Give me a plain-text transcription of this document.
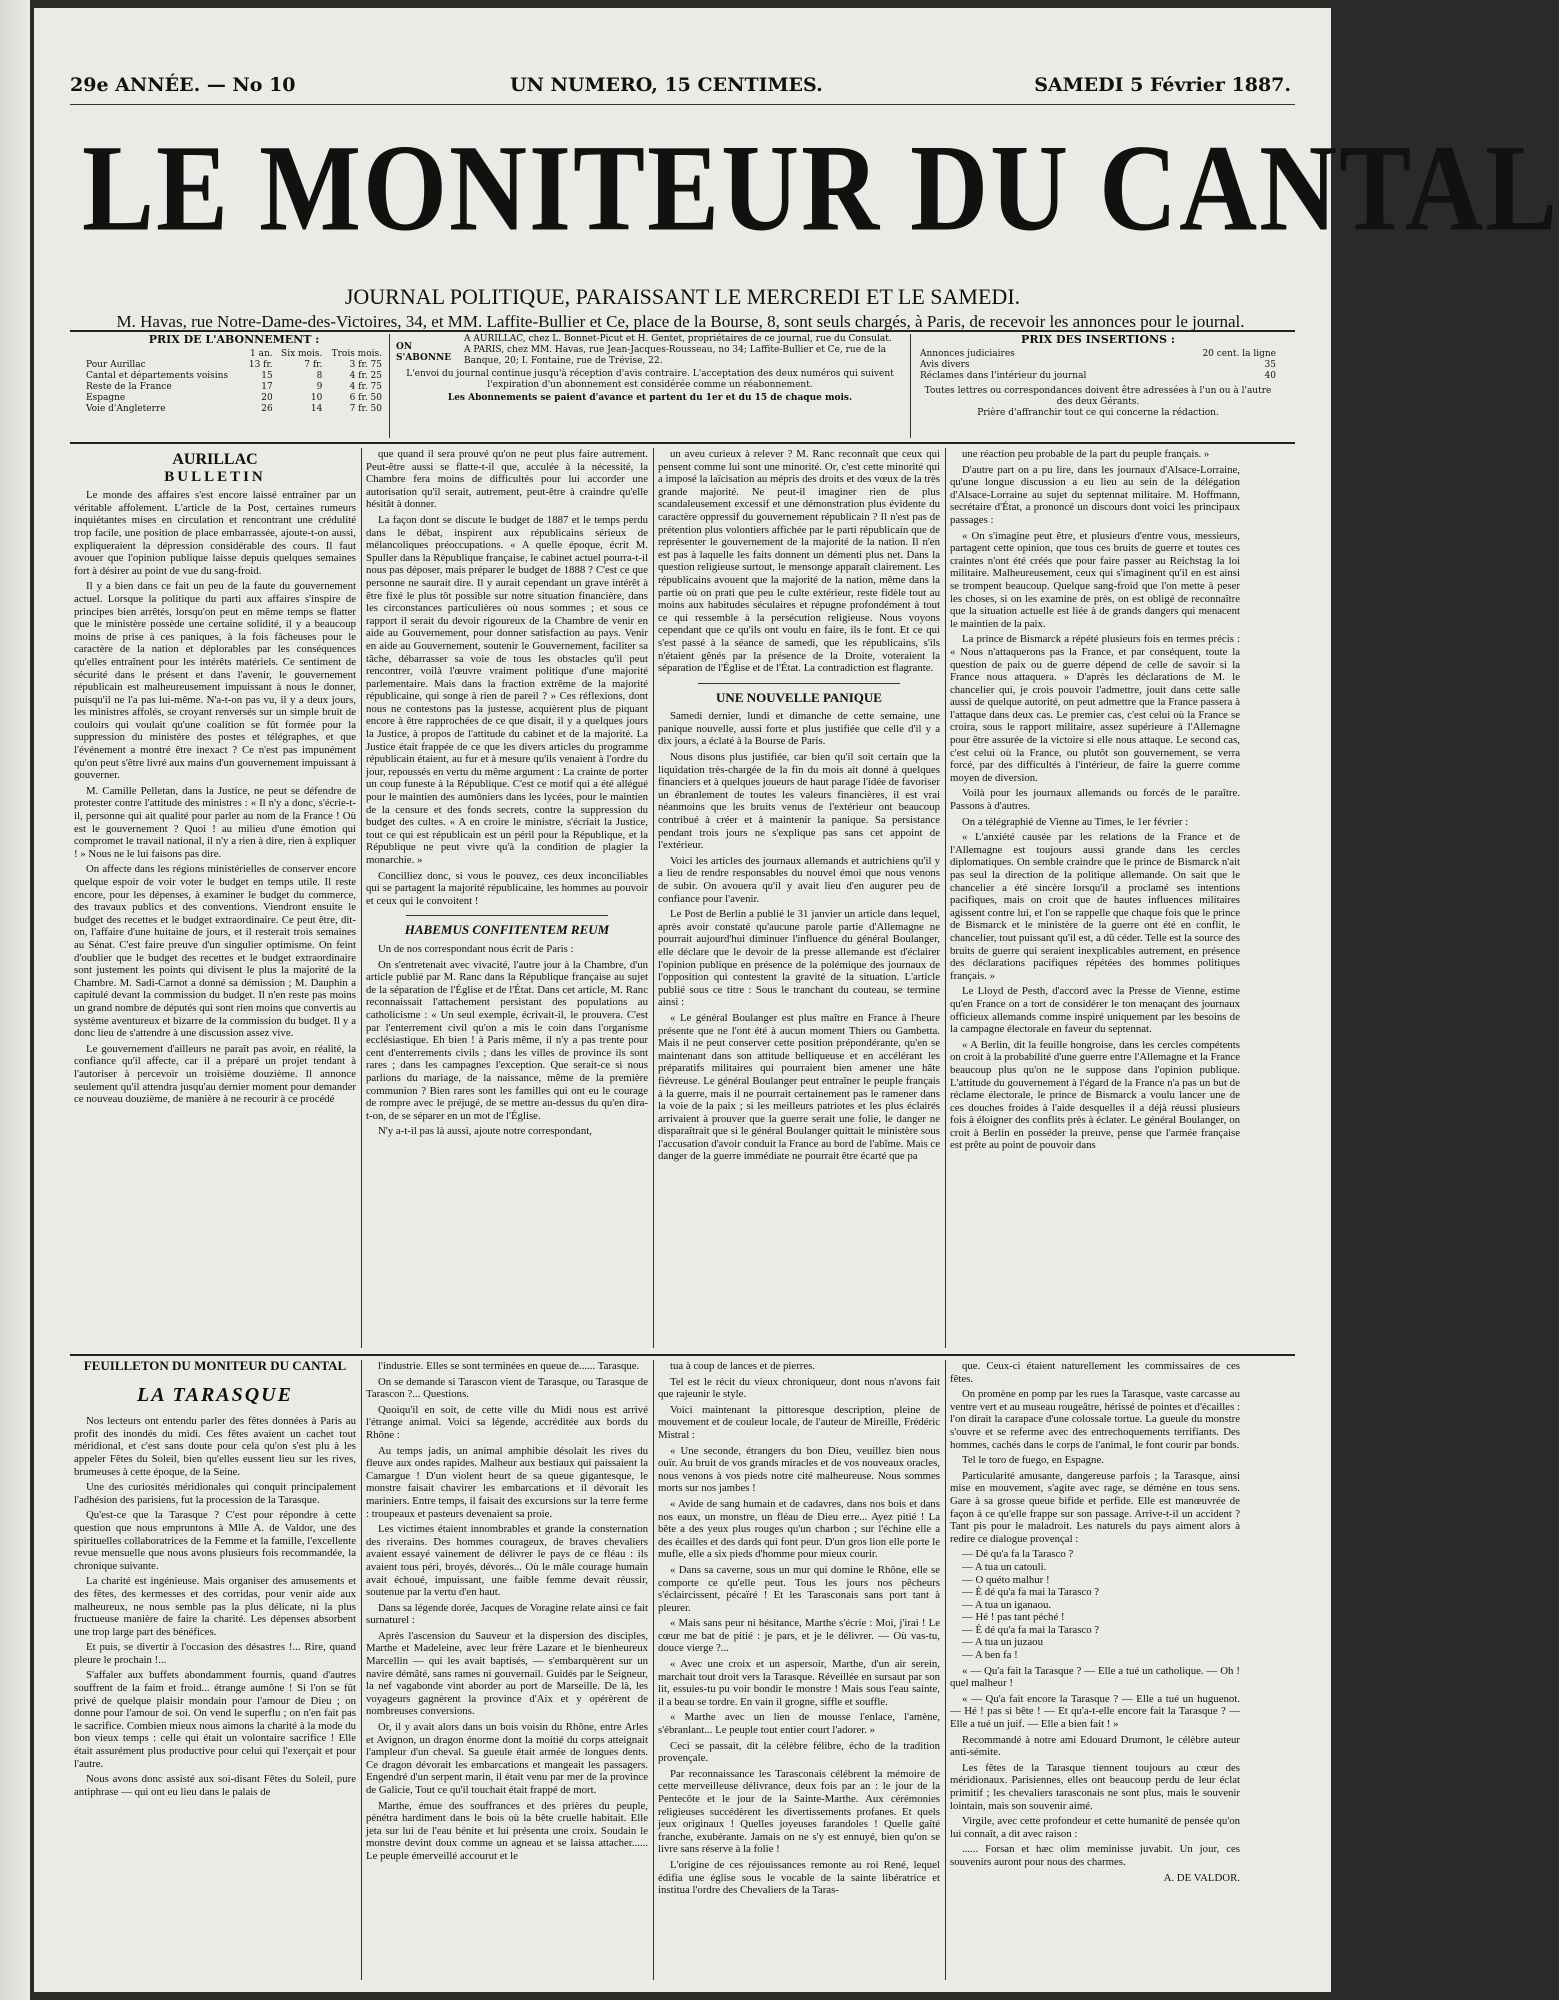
29e ANNÉE. — No 10	UN NUMERO, 15 CENTIMES.	SAMEDI 5 Février 1887.
LE MONITEUR DU CANTAL
JOURNAL POLITIQUE, PARAISSANT LE MERCREDI ET LE SAMEDI.
M. Havas, rue Notre-Dame-des-Victoires, 34, et MM. Laffite-Bullier et Ce, place de la Bourse, 8, sont seuls chargés, à Paris, de recevoir les annonces pour le journal.
PRIX DE L'ABONNEMENT :
	1 an.	Six mois.	Trois mois.
Pour Aurillac	13 fr.	7 fr.	3 fr. 75
Cantal et départements voisins	15	8	4 fr. 25
Reste de la France	17	9	4 fr. 75
Espagne	20	10	6 fr. 50
Voie d'Angleterre	26	14	7 fr. 50
ON S'ABONNE
A AURILLAC, chez L. Bonnet-Picut et H. Gentet, propriétaires de ce journal, rue du Consulat.
A PARIS, chez MM. Havas, rue Jean-Jacques-Rousseau, no 34; Laffite-Bullier et Ce, rue de la Banque, 20; I. Fontaine, rue de Trévise, 22.
L'envoi du journal continue jusqu'à réception d'avis contraire. L'acceptation des deux numéros qui suivent l'expiration d'un abonnement est considérée comme un réabonnement.
Les Abonnements se paient d'avance et partent du 1er et du 15 de chaque mois.
PRIX DES INSERTIONS :
Annonces judiciaires	20 cent. la ligne
Avis divers	35
Réclames dans l'intérieur du journal	40
Toutes lettres ou correspondances doivent être adressées à l'un ou à l'autre des deux Gérants.
Prière d'affranchir tout ce qui concerne la rédaction.
AURILLAC
BULLETIN

Le monde des affaires s'est encore laissé entraîner par un véritable affolement. L'article de la Post, certaines rumeurs inquiétantes mises en circulation et rencontrant une crédulité trop facile, une position de place embarrassée, ajoute-t-on aussi, expliqueraient la dépression considérable des cours. Il faut avouer que l'opinion publique laisse depuis quelques semaines fort à désirer au point de vue du sang-froid.

Il y a bien dans ce fait un peu de la faute du gouvernement actuel. Lorsque la politique du parti aux affaires s'inspire de principes bien arrêtés, lorsqu'on peut en même temps se flatter que le ministère possède une certaine solidité, il y a beaucoup moins de prise à ces paniques, à la fois fâcheuses pour le caractère de la nation et déplorables par les conséquences qu'elles entraînent pour les intérêts matériels. Ce sentiment de sécurité dans le présent et dans l'avenir, le gouvernement républicain est malheureusement impuissant à nous le donner, puisqu'il ne l'a pas lui-même. N'a-t-on pas vu, il y a deux jours, les ministres affolés, se croyant renversés sur un simple bruit de couloirs qui voulait qu'une coalition se fût formée pour la suppression du ministère des postes et télégraphes, et que l'événement a montré être inexact ? Ce n'est pas impunément qu'on peut s'être livré aux mains d'un gouvernement impuissant à gouverner.

M. Camille Pelletan, dans la Justice, ne peut se défendre de protester contre l'attitude des ministres : « Il n'y a donc, s'écrie-t-il, personne qui ait qualité pour parler au nom de la France ! Où est le gouvernement ? Quoi ! au milieu d'une émotion qui compromet le travail national, il n'y a rien à dire, rien à expliquer ! » Nous ne le lui faisons pas dire.

On affecte dans les régions ministérielles de conserver encore quelque espoir de voir voter le budget en temps utile. Il reste encore, pour les dépenses, à examiner le budget du commerce, des travaux publics et des conventions. Viendront ensuite le budget des recettes et le budget extraordinaire. Ce peut être, dit-on, l'affaire d'une huitaine de jours, et il resterait trois semaines au Sénat. C'est faire preuve d'un singulier optimisme. On feint d'oublier que le budget des recettes et le budget extraordinaire sont justement les points qui divisent le plus la majorité de la Chambre. M. Sadi-Carnot a donné sa démission ; M. Dauphin a capitulé devant la commission du budget. Il n'en reste pas moins un grand nombre de députés qui sont rien moins que convertis au système aventureux et bizarre de la commission du budget. Il y a donc lieu de s'attendre à une discussion assez vive.

Le gouvernement d'ailleurs ne paraît pas avoir, en réalité, la confiance qu'il affecte, car il a préparé un projet tendant à l'autoriser à percevoir un troisième douzième. Il annonce seulement qu'il attendra jusqu'au dernier moment pour demander ce nouveau douzième, de manière à ne recourir à ce procédé

que quand il sera prouvé qu'on ne peut plus faire autrement. Peut-être aussi se flatte-t-il que, acculée à la nécessité, la Chambre fera moins de difficultés pour lui accorder une autorisation qu'il serait, autrement, peut-être à craindre qu'elle hésitât à donner.

La façon dont se discute le budget de 1887 et le temps perdu dans le débat, inspirent aux républicains sérieux de mélancoliques préoccupations. « A quelle époque, écrit M. Spuller dans la République française, le cabinet actuel pourra-t-il nous pas déposer, mais préparer le budget de 1888 ? C'est ce que personne ne saurait dire. Il y aurait cependant un grave intérêt à être fixé le plus tôt possible sur notre situation financière, dans les circonstances particulières où nous sommes ; et sous ce rapport il serait du devoir rigoureux de la Chambre de venir en aide au Gouvernement, pour donner satisfaction au pays. Venir en aide au Gouvernement, soutenir le Gouvernement, faciliter sa tâche, débarrasser sa voie de tous les obstacles qu'il peut rencontrer, voilà l'œuvre vraiment politique d'une majorité parlementaire. Mais dans la fraction extrême de la majorité républicaine, qui songe à rien de pareil ? » Ces réflexions, dont nous ne contestons pas la justesse, acquièrent plus de piquant encore à être rapprochées de ce que disait, il y a quelques jours la Justice, à propos de l'attitude du cabinet et de la majorité. La Justice était frappée de ce que les divers articles du programme républicain étaient, au fur et à mesure qu'ils venaient à l'ordre du jour, repoussés en vertu du même argument : La crainte de porter un coup funeste à la République. C'est ce motif qui a été allégué pour le maintien des aumôniers dans les lycées, pour le maintien de la censure et des fonds secrets, contre la suppression du budget des cultes. « A en croire le ministre, s'écriait la Justice, tout ce qui est républicain est un péril pour la République, et la République ne peut vivre qu'à la condition de plagier la monarchie. »

Concilliez donc, si vous le pouvez, ces deux inconciliables qui se partagent la majorité républicaine, les hommes au pouvoir et ceux qui le convoitent !

HABEMUS CONFITENTEM REUM

Un de nos correspondant nous écrit de Paris :

On s'entretenait avec vivacité, l'autre jour à la Chambre, d'un article publié par M. Ranc dans la République française au sujet de la séparation de l'Église et de l'État. Dans cet article, M. Ranc reconnaissait l'attachement persistant des populations au catholicisme : « Un seul exemple, écrivait-il, le prouvera. C'est par l'enterrement civil qu'on a mis le coin dans l'organisme ecclésiastique. Eh bien ! à Paris même, il n'y a pas trente pour cent d'enterrements civils ; dans les villes de province ils sont rares ; dans les campagnes l'exception. Que serait-ce si nous parlions du mariage, de la naissance, même de la première communion ? Bien rares sont les familles qui ont eu le courage de rompre avec le préjugé, de se mettre au-dessus du qu'en dira-t-on, de se séparer en un mot de l'Église.

N'y a-t-il pas là aussi, ajoute notre correspondant,

un aveu curieux à relever ? M. Ranc reconnaît que ceux qui pensent comme lui sont une minorité. Or, c'est cette minorité qui a imposé la laïcisation au mépris des droits et des vœux de la très grande majorité. Ne peut-il imaginer rien de plus scandaleusement excessif et une démonstration plus évidente du caractère oppressif du gouvernement républicain ? Il n'est pas de prétention plus volontiers affichée par le parti républicain que de représenter le gouvernement de la majorité de la nation. Il n'en est pas à laquelle les faits donnent un démenti plus net. Dans la question religieuse surtout, le mensonge apparaît clairement. Les républicains avouent que la majorité de la nation, même dans la partie où on prati que peu le culte extérieur, reste fidèle tout au moins aux habitudes séculaires et répugne profondément à tout ce qui ressemble à la persécution religieuse. Nous voyons cependant que ce qu'ils ont voulu en faire, ils le font. Et ce qui s'est passé à la séance de samedi, que les républicains, s'ils n'étaient gênés par la présence de la Droite, voteraient la séparation de l'Église et de l'État. La contradiction est flagrante.

UNE NOUVELLE PANIQUE

Samedi dernier, lundi et dimanche de cette semaine, une panique nouvelle, aussi forte et plus justifiée que celle d'il y a dix jours, a éclaté à la Bourse de Paris.

Nous disons plus justifiée, car bien qu'il soit certain que la liquidation très-chargée de la fin du mois ait donné à quelques financiers et à quelques joueurs de haut parage l'idée de favoriser un ébranlement de toutes les valeurs financières, il est vrai néanmoins que les bruits venus de l'extérieur ont beaucoup contribué à créer et à maintenir la panique. Sa persistance pendant trois jours ne s'explique pas sans cet appoint de l'extérieur.

Voici les articles des journaux allemands et autrichiens qu'il y a lieu de rendre responsables du nouvel émoi que nous venons de subir. On avouera qu'il y avait lieu d'en augurer peu de confiance pour l'avenir.

Le Post de Berlin a publié le 31 janvier un article dans lequel, après avoir constaté qu'aucune parole partie d'Allemagne ne pourrait aujourd'hui diminuer l'influence du général Boulanger, elle déclare que le devoir de la presse allemande est d'éclairer l'opinion publique en présence de la polémique des journaux de l'opposition qui contestent la gravité de la situation. L'article publié sous ce titre : Sous le tranchant du couteau, se termine ainsi :

« Le général Boulanger est plus maître en France à l'heure présente que ne l'ont été à aucun moment Thiers ou Gambetta. Mais il ne peut conserver cette position prépondérante, qu'en se maintenant dans son attitude belliqueuse et en accélérant les préparatifs militaires qui pourraient bien amener une hâte fiévreuse. Le général Boulanger peut entraîner le peuple français à la guerre, mais il ne pourrait certainement pas le ramener dans la voie de la paix ; si les meilleurs patriotes et les plus éclairés arrivaient à prouver que la guerre serait une folie, le danger ne disparaîtrait que si le général Boulanger quittait le ministère sous l'accusation d'avoir conduit la France au bord de l'abîme. Mais ce danger de la guerre immédiate ne pourrait être écarté que pa

une réaction peu probable de la part du peuple français. »

D'autre part on a pu lire, dans les journaux d'Alsace-Lorraine, qu'une longue discussion a eu lieu au sein de la délégation d'Alsace-Lorraine au sujet du septennat militaire. M. Hoffmann, secrétaire d'État, a prononcé un discours dont voici les principaux passages :

« On s'imagine peut être, et plusieurs d'entre vous, messieurs, partagent cette opinion, que tous ces bruits de guerre et toutes ces craintes n'ont été créés que pour faire passer au Reichstag la loi militaire. Malheureusement, ceux qui s'imaginent qu'il en est ainsi se trompent beaucoup. Quelque sang-froid que l'on mette à peser les choses, si on les examine de près, on est obligé de reconnaître que la situation actuelle est liée à de grands dangers qui menacent le maintien de la paix.

La prince de Bismarck a répété plusieurs fois en termes précis : « Nous n'attaquerons pas la France, et par conséquent, toute la question de paix ou de guerre dépend de celle de savoir si la France nous attaquera. » D'après les déclarations de M. le chancelier qui, je crois pouvoir l'admettre, jouit dans cette salle aussi de quelque autorité, on peut admettre que la France passera à l'attaque dans deux cas. Le premier cas, c'est celui où la France se croira, sous le rapport militaire, assez supérieure à l'Allemagne pour être assurée de la victoire si elle nous attaque. Le second cas, c'est celui où la France, ou plutôt son gouvernement, se verra forcé, par des difficultés à l'intérieur, de faire la guerre comme moyen de diversion.

Voilà pour les journaux allemands ou forcés de le paraître. Passons à d'autres.

On a télégraphié de Vienne au Times, le 1er février :

« L'anxiété causée par les relations de la France et de l'Allemagne est toujours aussi grande dans les cercles diplomatiques. On semble craindre que le prince de Bismarck n'ait pas seul la direction de la politique allemande. On sait que le chancelier a été sincère lorsqu'il a proclamé ses intentions pacifiques, mais on croit que de hautes influences militaires agissent contre lui, et l'on se rappelle que chaque fois que le prince de Bismarck et le ministère de la guerre ont été en conflit, le chancelier, tout puissant qu'il est, a dû céder. Telle est la source des bruits de guerre qui seraient inexplicables autrement, en présence des déclarations pacifiques répétées des hommes politiques français. »

Le Lloyd de Pesth, d'accord avec la Presse de Vienne, estime qu'en France on a tort de considérer le ton menaçant des journaux officieux allemands comme inspiré uniquement par les besoins de la campagne électorale en faveur du septennat.

« A Berlin, dit la feuille hongroise, dans les cercles compétents on croit à la probabilité d'une guerre entre l'Allemagne et la France beaucoup plus qu'on ne le suppose dans l'opinion publique. L'attitude du gouvernement à l'égard de la France n'a pas un but de réclame électorale, le prince de Bismarck a voulu lancer une de ces douches froides à l'aide desquelles il a déjà réussi plusieurs fois à éloigner des conflits près à éclater. Le général Boulanger, on croit à Berlin en posséder la preuve, pense que l'armée française est prête au point de pouvoir dans

FEUILLETON DU MONITEUR DU CANTAL
LA TARASQUE

Nos lecteurs ont entendu parler des fêtes données à Paris au profit des inondés du midi. Ces fêtes avaient un cachet tout méridional, et c'est sans doute pour cela qu'on s'est plu à les appeler Fêtes du Soleil, bien qu'elles eussent lieu sur les rives, brumeuses à cette époque, de la Seine.

Une des curiosités méridionales qui conquit principalement l'adhésion des parisiens, fut la procession de la Tarasque.

Qu'est-ce que la Tarasque ? C'est pour répondre à cette question que nous empruntons à Mlle A. de Valdor, une des spirituelles collaboratrices de la Femme et la famille, l'excellente revue mensuelle que nous avons plusieurs fois recommandée, la chronique suivante.

La charité est ingénieuse. Mais organiser des amusements et des fêtes, des kermesses et des corridas, pour venir aide aux malheureux, ne nous semble pas la plus délicate, ni la plus fructueuse manière de faire la charité. Les dépenses absorbent une trop large part des bénéfices.

Et puis, se divertir à l'occasion des désastres !... Rire, quand pleure le prochain !...

S'affaler aux buffets abondamment fournis, quand d'autres souffrent de la faim et froid... étrange aumône ! Si l'on se fût privé de quelque plaisir mondain pour l'amour de Dieu ; on donne pour l'amour de soi. On vend le superflu ; on n'en fait pas le sacrifice. Combien mieux nous aimons la charité à la mode du bon vieux temps : celle qui était un volontaire sacrifice ! Elle était assurément plus productive pour celui qui l'exerçait et pour l'autre.

Nous avons donc assisté aux soi-disant Fêtes du Soleil, pure antiphrase — qui ont eu lieu dans le palais de

l'industrie. Elles se sont terminées en queue de...... Tarasque.

On se demande si Tarascon vient de Tarasque, ou Tarasque de Tarascon ?... Questions.

Quoiqu'il en soit, de cette ville du Midi nous est arrivé l'étrange animal. Voici sa légende, accréditée aux bords du Rhône :

Au temps jadis, un animal amphibie désolait les rives du fleuve aux ondes rapides. Malheur aux bestiaux qui paissaient la Camargue ! D'un violent heurt de sa queue gigantesque, le monstre faisait chavirer les embarcations et il dévorait les mariniers. Entre temps, il faisait des excursions sur la terre ferme : troupeaux et pasteurs devenaient sa proie.

Les victimes étaient innombrables et grande la consternation des riverains. Des hommes courageux, de braves chevaliers avaient essayé vainement de délivrer le pays de ce fléau : ils avaient tous péri, broyés, dévorés... Où le mâle courage humain avait échoué, impuissant, une faible femme devait réussir, soutenue par la vertu d'en haut.

Dans sa légende dorée, Jacques de Voragine relate ainsi ce fait surnaturel :

Après l'ascension du Sauveur et la dispersion des disciples, Marthe et Madeleine, avec leur frère Lazare et le bienheureux Marcellin — qui les avait baptisés, — s'embarquèrent sur un navire démâté, sans rames ni gouvernail. Guidés par le Seigneur, la nef vagabonde vint aborder au port de Marseille. De là, les voyageurs gagnèrent la province d'Aix et y opérèrent de nombreuses conversions.

Or, il y avait alors dans un bois voisin du Rhône, entre Arles et Avignon, un dragon énorme dont la moitié du corps atteignait l'ampleur d'un cheval. Sa gueule était armée de longues dents. Ce dragon dévorait les embarcations et mangeait les passagers. Engendré d'un serpent marin, il était venu par mer de la province de Galicie, Tout ce qu'il touchait était frappé de mort.

Marthe, émue des souffrances et des prières du peuple, pénétra hardiment dans le bois où la bête cruelle habitait. Elle jeta sur lui de l'eau bénite et lui présenta une croix. Soudain le monstre devint doux comme un agneau et se laissa attacher...... Le peuple émerveillé accourut et le

tua à coup de lances et de pierres.

Tel est le récit du vieux chroniqueur, dont nous n'avons fait que rajeunir le style.

Voici maintenant la pittoresque description, pleine de mouvement et de couleur locale, de l'auteur de Mireille, Frédéric Mistral :

« Une seconde, étrangers du bon Dieu, veuillez bien nous ouïr. Au bruit de vos grands miracles et de vos nouveaux oracles, nous venons à vos pieds notre cité malheureuse. Nous sommes morts sur nos jambes !

« Avide de sang humain et de cadavres, dans nos bois et dans nos eaux, un monstre, un fléau de Dieu erre... Ayez pitié ! La bête a des yeux plus rouges qu'un charbon ; sur l'échine elle a des écailles et des dards qui font peur. D'un gros lion elle porte le mufle, elle a six pieds d'homme pour mieux courir.

« Dans sa caverne, sous un mur qui domine le Rhône, elle se comporte ce qu'elle peut. Tous les jours nos pêcheurs s'éclaircissent, pécaïré ! Et les Tarasconais sans port tant à pleurer.

« Mais sans peur ni hésitance, Marthe s'écrie : Moi, j'irai ! Le cœur me bat de pitié : je pars, et je le délivrer. — Où vas-tu, douce vierge ?...

« Avec une croix et un aspersoir, Marthe, d'un air serein, marchait tout droit vers la Tarasque. Réveillée en sursaut par son lit, essuies-tu pu voir bondir le monstre ! Mais sous l'eau sainte, il a beau se tordre. En vain il grogne, siffle et souffle.

« Marthe avec un lien de mousse l'enlace, l'amène, s'ébranlant... Le peuple tout entier court l'adorer. »

Ceci se passait, dit la célèbre félibre, écho de la tradition provençale.

Par reconnaissance les Tarasconais célébrent la mémoire de cette merveilleuse délivrance, deux fois par an : le jour de la Pentecôte et le jour de la Sainte-Marthe. Aux cérémonies religieuses succédèrent les divertissements profanes. Et quels jeux originaux ! Quelles joyeuses farandoles ! Quelle gaîté franche, exubérante. Jamais on ne s'y est ennuyé, bien qu'on se livre sans réserve à la folie !

L'origine de ces réjouissances remonte au roi René, lequel édifia une église sous le vocable de la sainte libératrice et institua l'ordre des Chevaliers de la Taras-

que. Ceux-ci étaient naturellement les commissaires de ces fêtes.

On promène en pomp par les rues la Tarasque, vaste carcasse au ventre vert et au museau rougeâtre, hérissé de pointes et d'écailles : l'on dirait la carapace d'une colossale tortue. La gueule du monstre s'ouvre et se referme avec des entrechoquements terrifiants. Des hommes, cachés dans le corps de l'animal, le font courir par bonds.

Tel le toro de fuego, en Espagne.

Particularité amusante, dangereuse parfois ; la Tarasque, ainsi mise en mouvement, s'agite avec rage, se démène en tous sens. Gare à sa grosse queue bifide et perfide. Elle est manœuvrée de façon à ce qu'elle frappe sur son passage. Arrive-t-il un accident ? Tant pis pour le maladroit. Les naturels du pays aiment alors à redire ce dialogue provençal :

— Dé qu'a fa la Tarasco ?

— A tua un catouli.

— O quéto malhur !

— È dé qu'a fa mai la Tarasco ?

— A tua un iganaou.

— Hé ! pas tant péché !

— È dé qu'a fa mai la Tarasco ?

— A tua un juzaou

— A ben fa !

« — Qu'a fait la Tarasque ? — Elle a tué un catholique. — Oh ! quel malheur !

« — Qu'a fait encore la Tarasque ? — Elle a tué un huguenot. — Hé ! pas si bête ! — Et qu'a-t-elle encore fait la Tarasque ? — Elle a tué un juif. — Elle a bien fait ! »

Recommandé à notre ami Edouard Drumont, le célèbre auteur anti-sémite.

Les fêtes de la Tarasque tiennent toujours au cœur des méridionaux. Parisiennes, elles ont beaucoup perdu de leur éclat primitif ; les chevaliers tarasconais ne sont plus, mais le souvenir lointain, mais son souvenir aimé.

Virgile, avec cette profondeur et cette humanité de pensée qu'on lui connaît, a dit avec raison :

...... Forsan et hæc olim meminisse juvabit. Un jour, ces souvenirs auront pour nous des charmes.

A. DE VALDOR.
